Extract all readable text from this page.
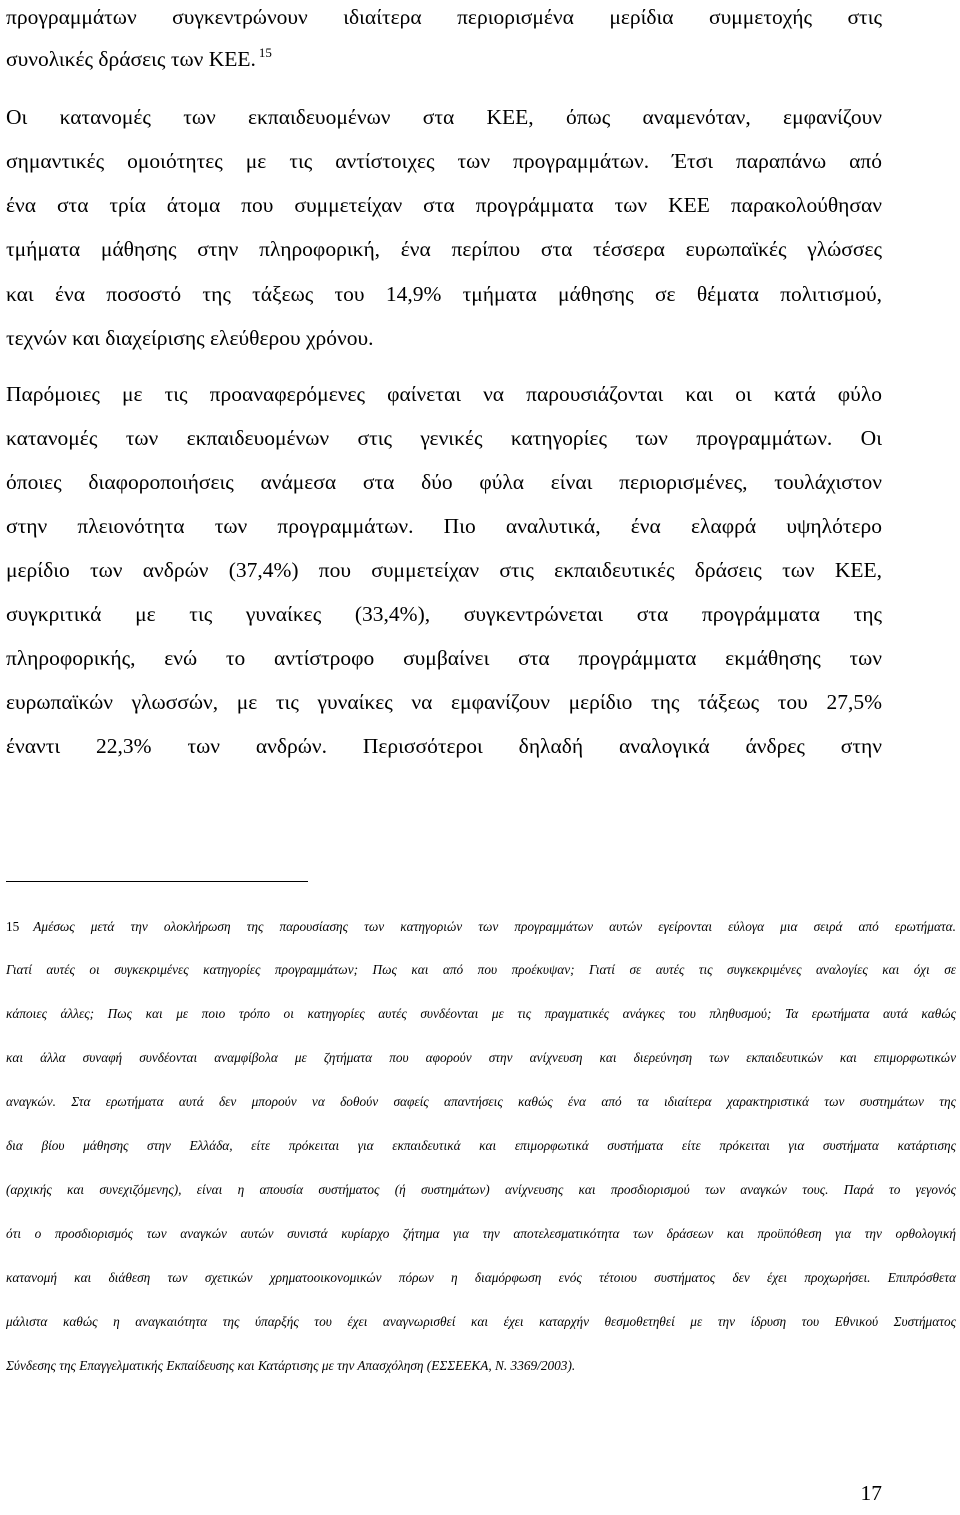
προγραμμάτων συγκεντρώνουν ιδιαίτερα περιορισμένα μερίδια συμμετοχής στις
συνολικές δράσεις των ΚΕΕ. $^{15}$
Οι κατανομές των εκπαιδευομένων στα ΚΕΕ, όπως αναμενόταν, εμφανίζουν
σημαντικές ομοιότητες με τις αντίστοιχες των προγραμμάτων. Έτσι παραπάνω από
ένα στα τρία άτομα που συμμετείχαν στα προγράμματα των ΚΕΕ παρακολούθησαν
τμήματα μάθησης στην πληροφορική, ένα περίπου στα τέσσερα ευρωπαϊκές γλώσσες
και ένα ποσοστό της τάξεως του 14,9% τμήματα μάθησης σε θέματα πολιτισμού,
τεχνών και διαχείρισης ελεύθερου χρόνου.
Παρόμοιες με τις προαναφερόμενες φαίνεται να παρουσιάζονται και οι κατά φύλο
κατανομές των εκπαιδευομένων στις γενικές κατηγορίες των προγραμμάτων. Οι
όποιες διαφοροποιήσεις ανάμεσα στα δύο φύλα είναι περιορισμένες, τουλάχιστον
στην πλειονότητα των προγραμμάτων. Πιο αναλυτικά, ένα ελαφρά υψηλότερο
μερίδιο των ανδρών (37,4%) που συμμετείχαν στις εκπαιδευτικές δράσεις των ΚΕΕ,
συγκριτικά με τις γυναίκες (33,4%), συγκεντρώνεται στα προγράμματα της
πληροφορικής, ενώ το αντίστροφο συμβαίνει στα προγράμματα εκμάθησης των
ευρωπαϊκών γλωσσών, με τις γυναίκες να εμφανίζουν μερίδιο της τάξεως του 27,5%
έναντι 22,3% των ανδρών. Περισσότεροι δηλαδή αναλογικά άνδρες στην
15 Αμέσως μετά την ολοκλήρωση της παρουσίασης των κατηγοριών των προγραμμάτων αυτών εγείρονται εύλογα μια σειρά από ερωτήματα.
Γιατί αυτές οι συγκεκριμένες κατηγορίες προγραμμάτων; Πως και από που προέκυψαν; Γιατί σε αυτές τις συγκεκριμένες αναλογίες και όχι σε
κάποιες άλλες; Πως και με ποιο τρόπο οι κατηγορίες αυτές συνδέονται με τις πραγματικές ανάγκες του πληθυσμού; Τα ερωτήματα αυτά καθώς
και άλλα συναφή συνδέονται αναμφίβολα με ζητήματα που αφορούν στην ανίχνευση και διερεύνηση των εκπαιδευτικών και επιμορφωτικών
αναγκών. Στα ερωτήματα αυτά δεν μπορούν να δοθούν σαφείς απαντήσεις καθώς ένα από τα ιδιαίτερα χαρακτηριστικά των συστημάτων της
δια βίου μάθησης στην Ελλάδα, είτε πρόκειται για εκπαιδευτικά και επιμορφωτικά συστήματα είτε πρόκειται για συστήματα κατάρτισης
(αρχικής και συνεχιζόμενης), είναι η απουσία συστήματος (ή συστημάτων) ανίχνευσης και προσδιορισμού των αναγκών τους. Παρά το γεγονός
ότι ο προσδιορισμός των αναγκών αυτών συνιστά κυρίαρχο ζήτημα για την αποτελεσματικότητα των δράσεων και προϋπόθεση για την ορθολογική
κατανομή και διάθεση των σχετικών χρηματοοικονομικών πόρων η διαμόρφωση ενός τέτοιου συστήματος δεν έχει προχωρήσει. Επιπρόσθετα
μάλιστα καθώς η αναγκαιότητα της ύπαρξής του έχει αναγνωρισθεί και έχει καταρχήν θεσμοθετηθεί με την ίδρυση του Εθνικού Συστήματος
Σύνδεσης της Επαγγελματικής Εκπαίδευσης και Κατάρτισης με την Απασχόληση (ΕΣΣΕΕΚΑ, Ν. 3369/2003).
17
